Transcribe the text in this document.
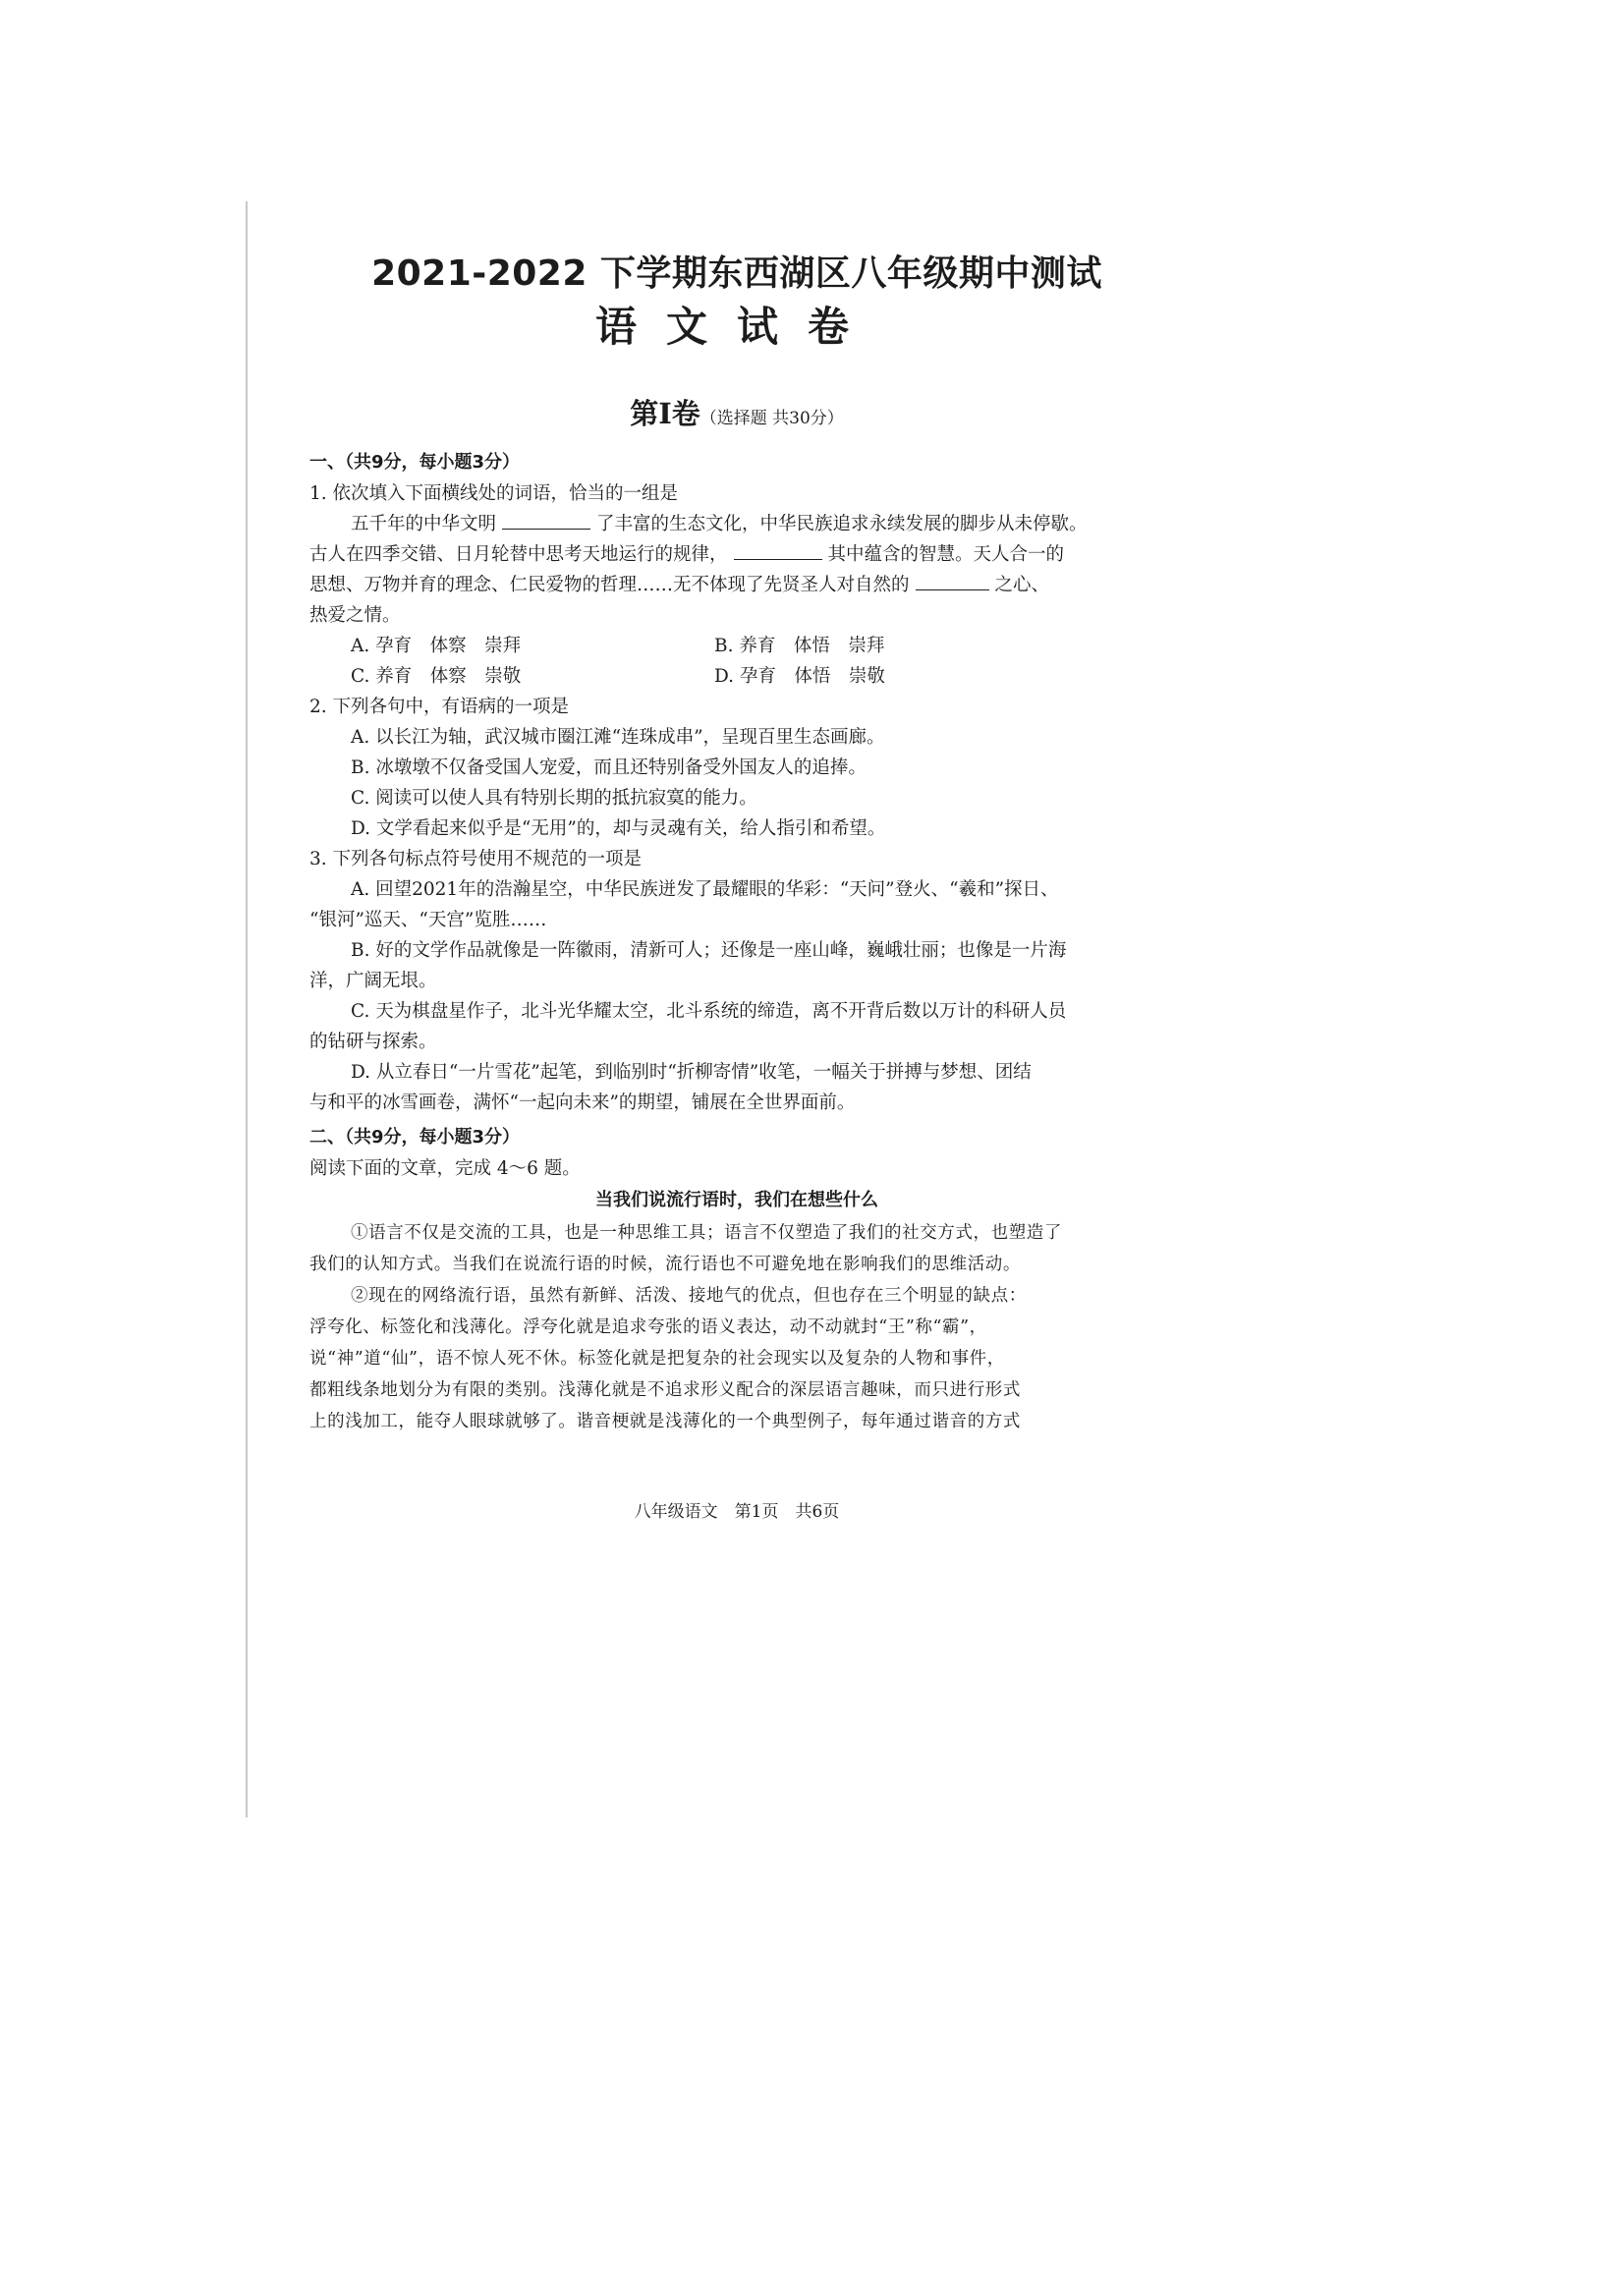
2021-2022 下学期东西湖区八年级期中测试
语文试卷
第Ⅰ卷（选择题 共30分）
一、（共9分，每小题3分）
1. 依次填入下面横线处的词语，恰当的一组是
五千年的中华文明	了丰富的生态文化，中华民族追求永续发展的脚步从未停歇。
古人在四季交错、日月轮替中思考天地运行的规律，	其中蕴含的智慧。天人合一的
思想、万物并育的理念、仁民爱物的哲理……无不体现了先贤圣人对自然的	之心、
热爱之情。
A. 孕育　体察　崇拜	B. 养育　体悟　崇拜
C. 养育　体察　崇敬	D. 孕育　体悟　崇敬
2. 下列各句中，有语病的一项是
A. 以长江为轴，武汉城市圈江滩“连珠成串”，呈现百里生态画廊。
B. 冰墩墩不仅备受国人宠爱，而且还特别备受外国友人的追捧。
C. 阅读可以使人具有特别长期的抵抗寂寞的能力。
D. 文学看起来似乎是“无用”的，却与灵魂有关，给人指引和希望。
3. 下列各句标点符号使用不规范的一项是
A. 回望2021年的浩瀚星空，中华民族迸发了最耀眼的华彩：“天问”登火、“羲和”探日、
“银河”巡天、“天宫”览胜……
B. 好的文学作品就像是一阵徽雨，清新可人；还像是一座山峰，巍峨壮丽；也像是一片海
洋，广阔无垠。
C. 天为棋盘星作子，北斗光华耀太空，北斗系统的缔造，离不开背后数以万计的科研人员
的钻研与探索。
D. 从立春日“一片雪花”起笔，到临别时“折柳寄情”收笔，一幅关于拼搏与梦想、团结
与和平的冰雪画卷，满怀“一起向未来”的期望，铺展在全世界面前。
二、（共9分，每小题3分）
阅读下面的文章，完成 4～6 题。
当我们说流行语时，我们在想些什么
①语言不仅是交流的工具，也是一种思维工具；语言不仅塑造了我们的社交方式，也塑造了
我们的认知方式。当我们在说流行语的时候，流行语也不可避免地在影响我们的思维活动。
②现在的网络流行语，虽然有新鲜、活泼、接地气的优点，但也存在三个明显的缺点：
浮夸化、标签化和浅薄化。浮夸化就是追求夸张的语义表达，动不动就封“王”称“霸”，
说“神”道“仙”，语不惊人死不休。标签化就是把复杂的社会现实以及复杂的人物和事件，
都粗线条地划分为有限的类别。浅薄化就是不追求形义配合的深层语言趣味，而只进行形式
上的浅加工，能夺人眼球就够了。谐音梗就是浅薄化的一个典型例子，每年通过谐音的方式
八年级语文　第1页　共6页
